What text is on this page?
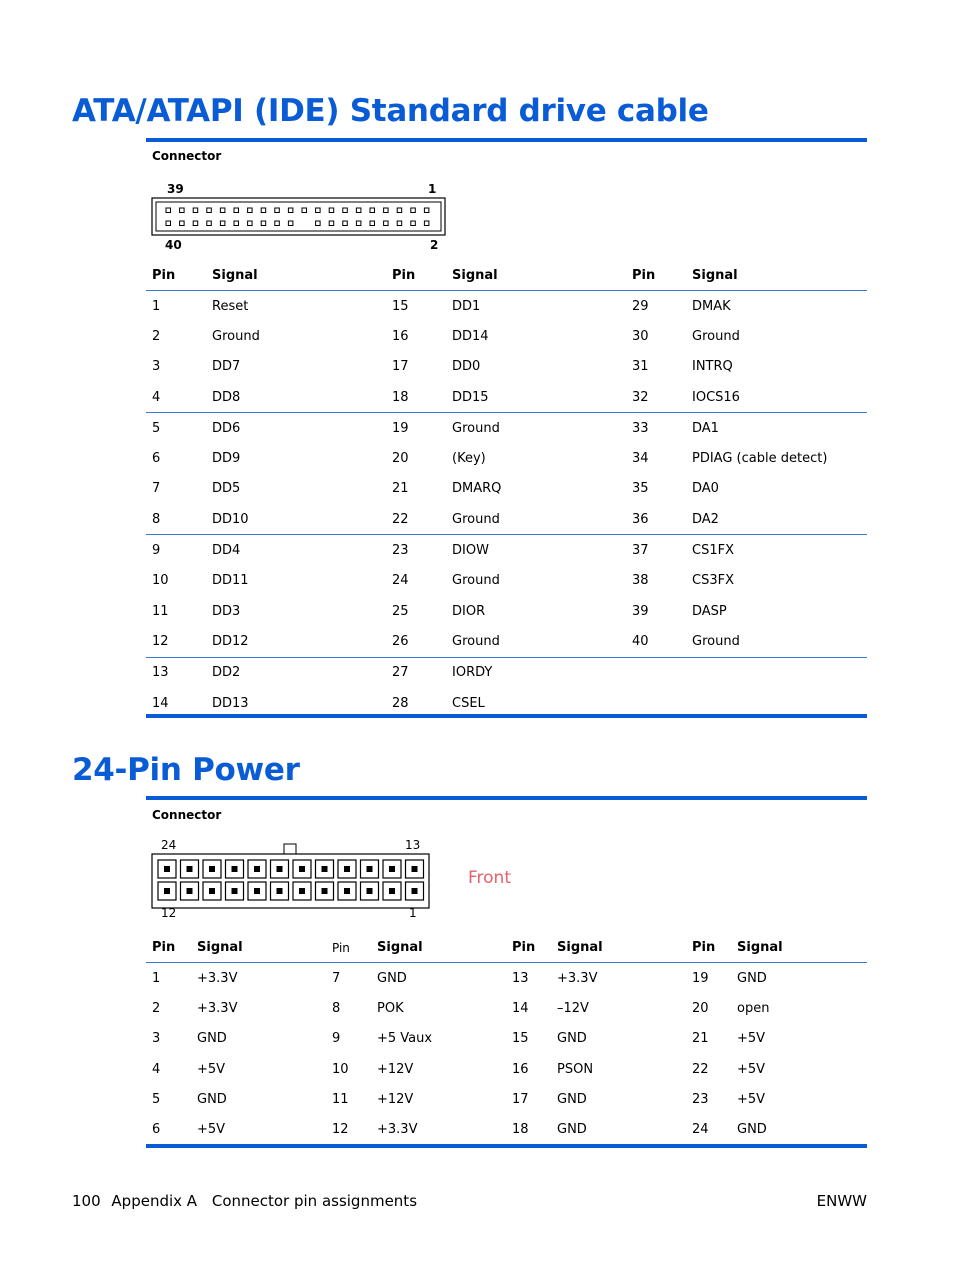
ATA/ATAPI (IDE) Standard drive cable
Connector
39	1
40	2
Pin	Signal	Pin	Signal	Pin	Signal
1	Reset	15	DD1	29	DMAK
2	Ground	16	DD14	30	Ground
3	DD7	17	DD0	31	INTRQ
4	DD8	18	DD15	32	IOCS16
5	DD6	19	Ground	33	DA1
6	DD9	20	(Key)	34	PDIAG (cable detect)
7	DD5	21	DMARQ	35	DA0
8	DD10	22	Ground	36	DA2
9	DD4	23	DIOW	37	CS1FX
10	DD11	24	Ground	38	CS3FX
11	DD3	25	DIOR	39	DASP
12	DD12	26	Ground	40	Ground
13	DD2	27	IORDY		
14	DD13	28	CSEL		
24-Pin Power
Connector
24	13
12	1
Front
Pin	Signal	Pin	Signal	Pin	Signal	Pin	Signal
1	+3.3V	7	GND	13	+3.3V	19	GND
2	+3.3V	8	POK	14	–12V	20	open
3	GND	9	+5 Vaux	15	GND	21	+5V
4	+5V	10	+12V	16	PSON	22	+5V
5	GND	11	+12V	17	GND	23	+5V
6	+5V	12	+3.3V	18	GND	24	GND
100 Appendix A Connector pin assignments	ENWW
